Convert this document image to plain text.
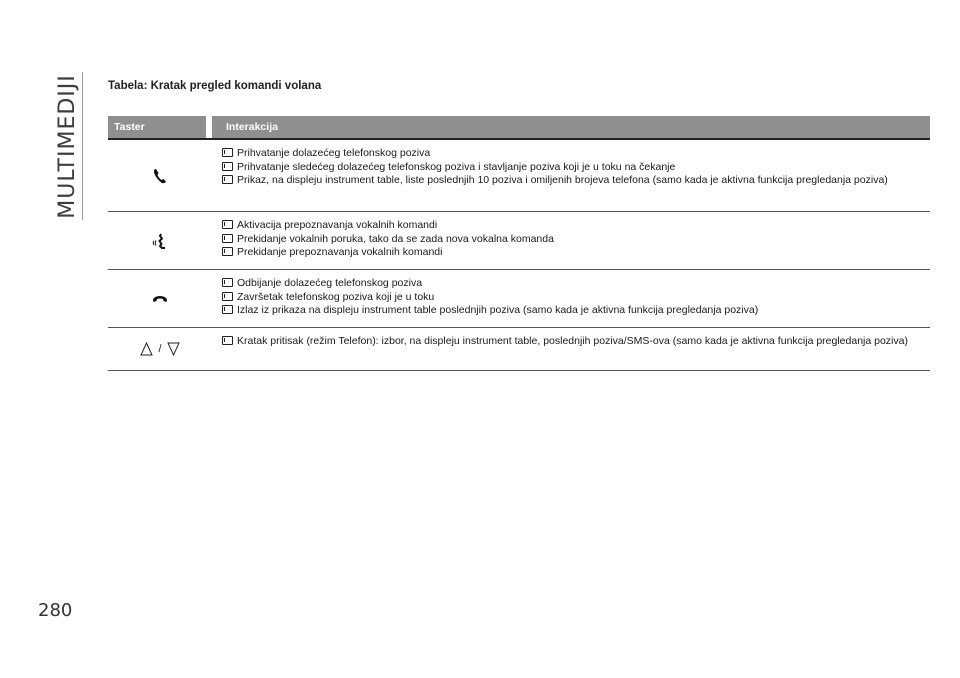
MULTIMEDIJI Tabela: Kratak pregled komandi volana
Taster	Interakcija

Prihvatanje dolazećeg telefonskog poziva

Prihvatanje sledećeg dolazećeg telefonskog poziva i stavljanje poziva koji je u toku na čekanje

Prikaz, na displeju instrument table, liste poslednjih 10 poziva i omiljenih brojeva telefona (samo kada je aktivna funkcija pregledanja poziva)

Aktivacija prepoznavanja vokalnih komandi

Prekidanje vokalnih poruka, tako da se zada nova vokalna komanda

Prekidanje prepoznavanja vokalnih komandi

Odbijanje dolazećeg telefonskog poziva

Završetak telefonskog poziva koji je u toku

Izlaz iz prikaza na displeju instrument table poslednjih poziva (samo kada je aktivna funkcija pregledanja poziva)

/

Kratak pritisak (režim Telefon): izbor, na displeju instrument table, poslednjih poziva/SMS-ova (samo kada je aktivna funkcija pregledanja poziva)

280
